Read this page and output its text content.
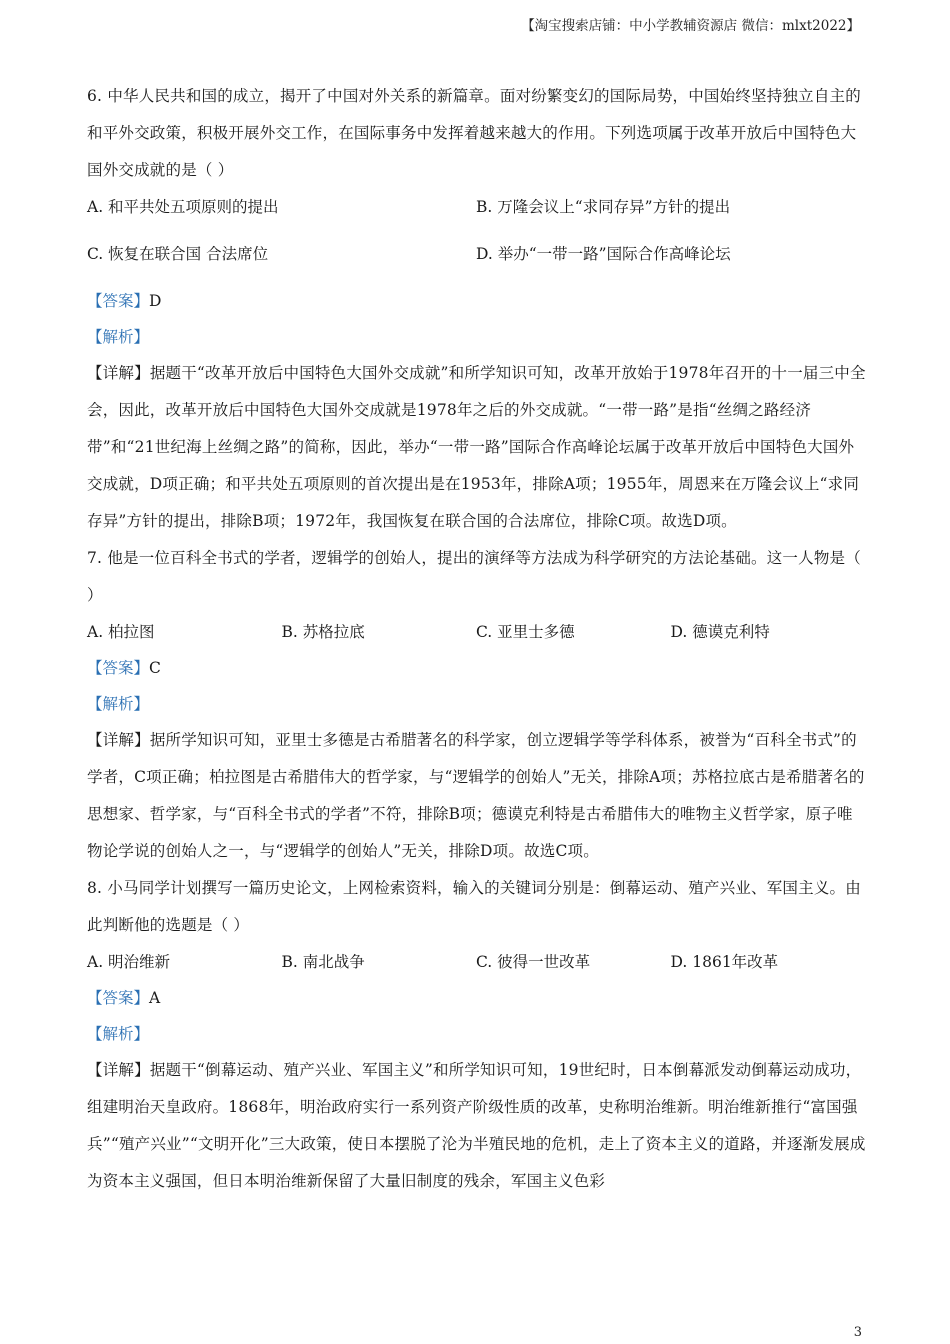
【淘宝搜索店铺：中小学教辅资源店 微信：mlxt2022】

6. 中华人民共和国的成立，揭开了中国对外关系的新篇章。面对纷繁变幻的国际局势，中国始终坚持独立自主的和平外交政策，积极开展外交工作，在国际事务中发挥着越来越大的作用。下列选项属于改革开放后中国特色大国外交成就的是（ ）

A. 和平共处五项原则的提出	B. 万隆会议上“求同存异”方针的提出
C. 恢复在联合国 合法席位	D. 举办“一带一路”国际合作高峰论坛
【答案】D
【解析】

【详解】据题干“改革开放后中国特色大国外交成就”和所学知识可知，改革开放始于1978年召开的十一届三中全会，因此，改革开放后中国特色大国外交成就是1978年之后的外交成就。“一带一路”是指“丝绸之路经济带”和“21世纪海上丝绸之路”的简称，因此，举办“一带一路”国际合作高峰论坛属于改革开放后中国特色大国外交成就，D项正确；和平共处五项原则的首次提出是在1953年，排除A项；1955年，周恩来在万隆会议上“求同存异”方针的提出，排除B项；1972年，我国恢复在联合国的合法席位，排除C项。故选D项。

7. 他是一位百科全书式的学者，逻辑学的创始人，提出的演绎等方法成为科学研究的方法论基础。这一人物是（ ）

A. 柏拉图	B. 苏格拉底	C. 亚里士多德	D. 德谟克利特
【答案】C
【解析】

【详解】据所学知识可知，亚里士多德是古希腊著名的科学家，创立逻辑学等学科体系，被誉为“百科全书式”的学者，C项正确；柏拉图是古希腊伟大的哲学家，与“逻辑学的创始人”无关，排除A项；苏格拉底古是希腊著名的思想家、哲学家，与“百科全书式的学者”不符，排除B项；德谟克利特是古希腊伟大的唯物主义哲学家，原子唯物论学说的创始人之一，与“逻辑学的创始人”无关，排除D项。故选C项。

8. 小马同学计划撰写一篇历史论文，上网检索资料，输入的关键词分别是：倒幕运动、殖产兴业、军国主义。由此判断他的选题是（ ）

A. 明治维新	B. 南北战争	C. 彼得一世改革	D. 1861年改革
【答案】A
【解析】

【详解】据题干“倒幕运动、殖产兴业、军国主义”和所学知识可知，19世纪时，日本倒幕派发动倒幕运动成功，组建明治天皇政府。1868年，明治政府实行一系列资产阶级性质的改革，史称明治维新。明治维新推行“富国强兵”“殖产兴业”“文明开化”三大政策，使日本摆脱了沦为半殖民地的危机，走上了资本主义的道路，并逐渐发展成为资本主义强国，但日本明治维新保留了大量旧制度的残余，军国主义色彩

3
